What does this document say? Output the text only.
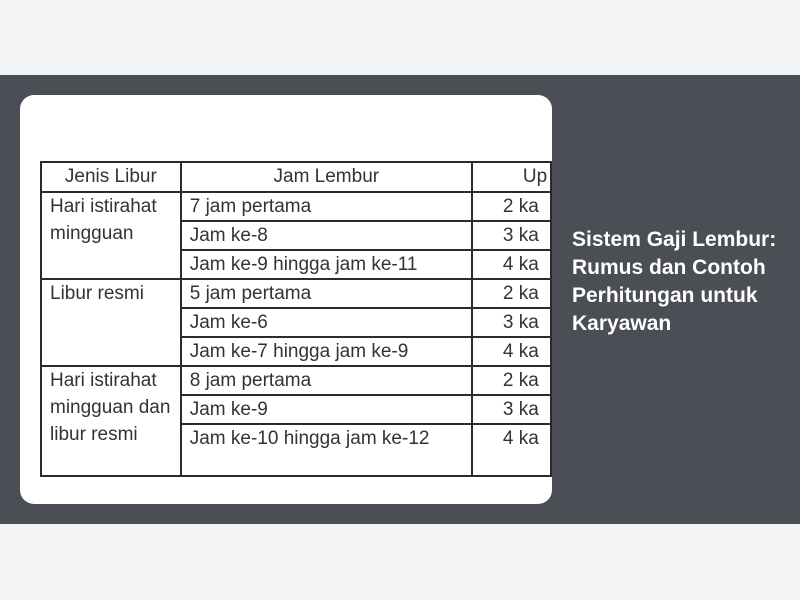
Jenis Libur	Jam Lembur	Up
Hari istirahat mingguan	7 jam pertama	2 ka
	Jam ke-8	3 ka
	Jam ke-9 hingga jam ke-11	4 ka
Libur resmi	5 jam pertama	2 ka
	Jam ke-6	3 ka
	Jam ke-7 hingga jam ke-9	4 ka
Hari istirahat mingguan dan libur resmi	8 jam pertama	2 ka
	Jam ke-9	3 ka
	Jam ke-10 hingga jam ke-12	4 ka
Sistem Gaji Lembur: Rumus dan Contoh Perhitungan untuk Karyawan
